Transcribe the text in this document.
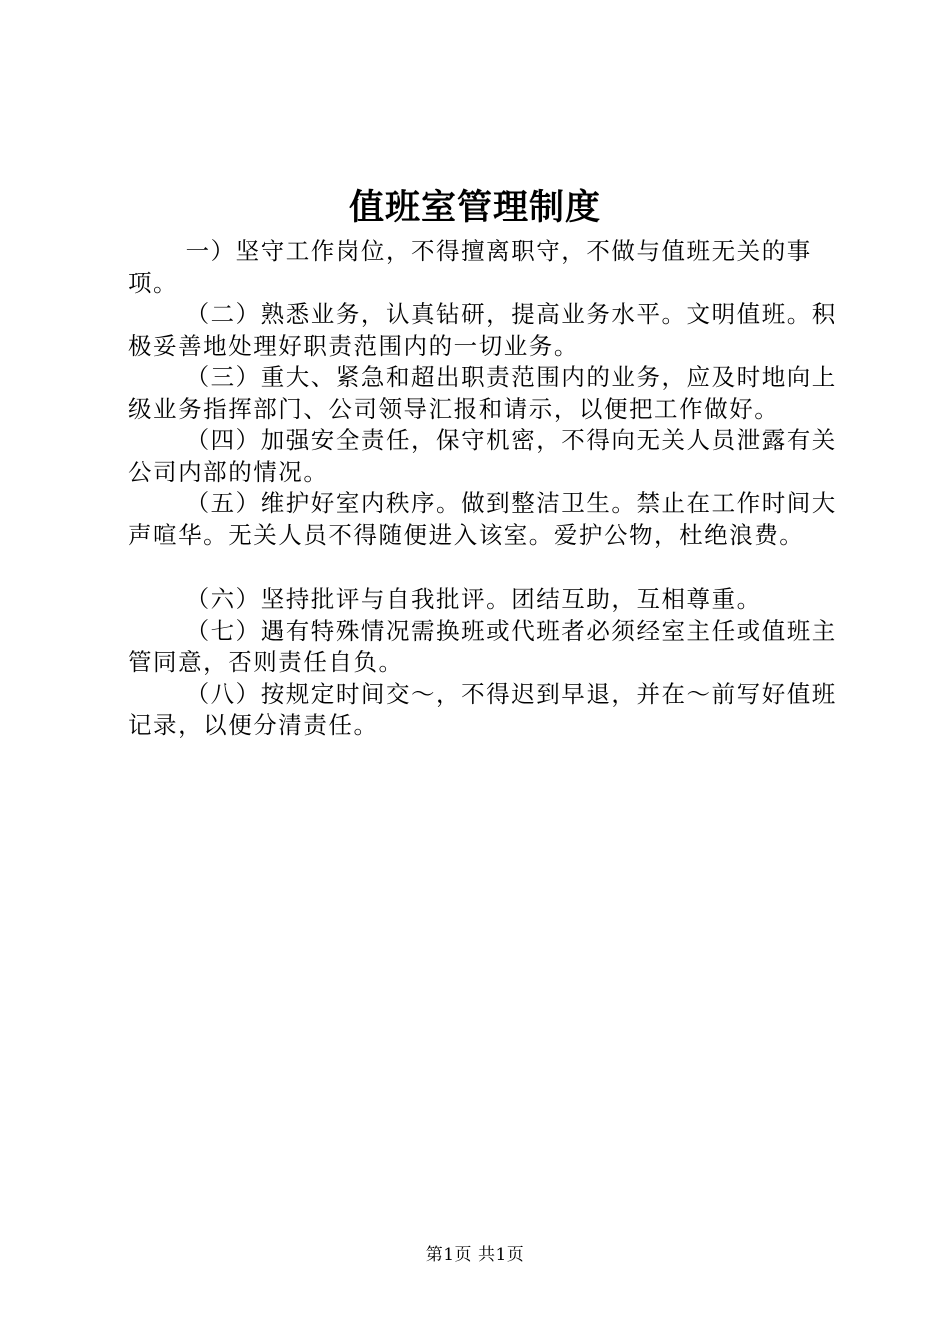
值班室管理制度

一）坚守工作岗位，不得擅离职守，不做与值班无关的事项。

（二）熟悉业务，认真钻研，提高业务水平。文明值班。积极妥善地处理好职责范围内的一切业务。

（三）重大、紧急和超出职责范围内的业务，应及时地向上级业务指挥部门、公司领导汇报和请示，以便把工作做好。

（四）加强安全责任，保守机密，不得向无关人员泄露有关公司内部的情况。

（五）维护好室内秩序。做到整洁卫生。禁止在工作时间大声喧华。无关人员不得随便进入该室。爱护公物，杜绝浪费。

（六）坚持批评与自我批评。团结互助，互相尊重。

（七）遇有特殊情况需换班或代班者必须经室主任或值班主管同意，否则责任自负。

（八）按规定时间交～，不得迟到早退，并在～前写好值班记录，以便分清责任。

第1页 共1页
